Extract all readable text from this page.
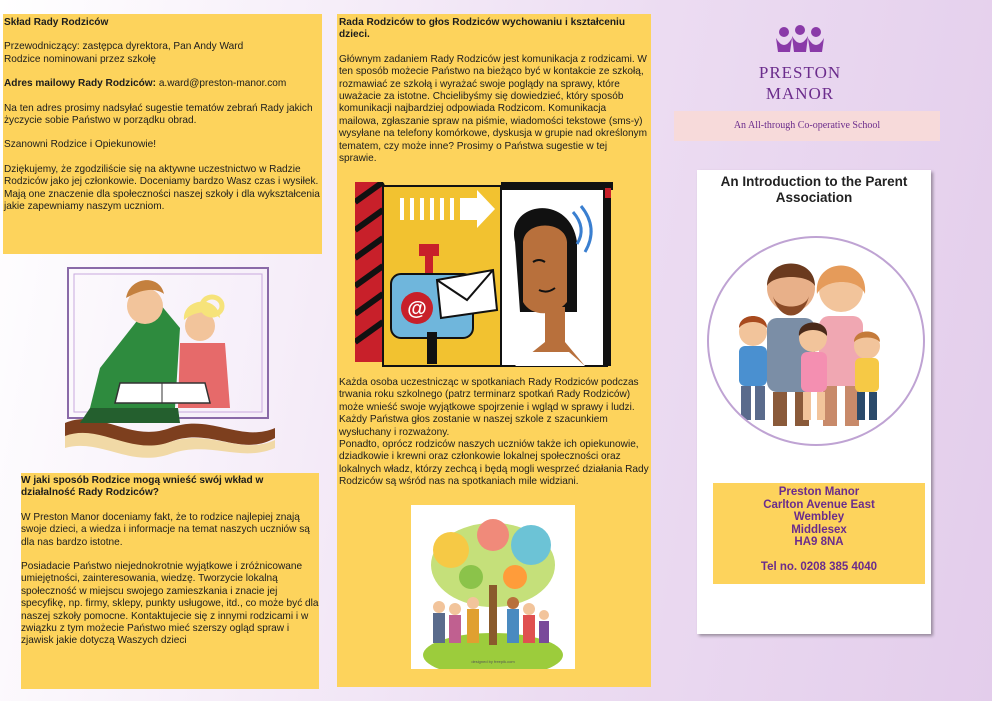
Skład Rady Rodziców

Przewodniczący: zastępca dyrektora, Pan Andy Ward

Rodzice nominowani przez szkołę

Adres mailowy Rady Rodziców: a.ward@preston-manor.com

Na ten adres prosimy nadsyłać sugestie tematów zebrań Rady jakich życzycie sobie Państwo w porządku obrad.

Szanowni Rodzice i Opiekunowie!

Dziękujemy, że zgodziliście się na aktywne uczestnictwo w Radzie Rodziców jako jej członkowie. Doceniamy bardzo Wasz czas i wysiłek. Mają one znaczenie dla społeczności naszej szkoły i dla wykształcenia jakie zapewniamy naszym uczniom.

W jaki sposób Rodzice mogą wnieść swój wkład w działalność Rady Rodziców?

W Preston Manor doceniamy fakt, że to rodzice najlepiej znają swoje dzieci, a wiedza i informacje na temat naszych uczniów są dla nas bardzo istotne.

Posiadacie Państwo niejednokrotnie wyjątkowe i zróżnicowane umiejętności, zainteresowania, wiedzę. Tworzycie lokalną społeczność w miejscu swojego zamieszkania i znacie jej specyfikę, np. firmy, sklepy, punkty usługowe, itd., co może być dla naszej szkoły pomocne. Kontaktujecie się z innymi rodzicami i w związku z tym możecie Państwo mieć szerszy ogląd spraw i zjawisk jakie dotyczą Waszych dzieci

Rada Rodziców to głos Rodziców wychowaniu i kształceniu dzieci.

Głównym zadaniem Rady Rodziców jest komunikacja z rodzicami. W ten sposób możecie Państwo na bieżąco być w kontakcie ze szkołą, rozmawiać ze szkołą i wyrażać swoje poglądy na sprawy, które uważacie za istotne. Chcielibyśmy się dowiedzieć, który sposób komunikacji najbardziej odpowiada Rodzicom. Komunikacja mailowa, zgłaszanie spraw na piśmie, wiadomości tekstowe (sms-y) wysyłane na telefony komórkowe, dyskusja w grupie nad określonym tematem, czy może inne? Prosimy o Państwa sugestie w tej sprawie.

@

Każda osoba uczestnicząc w spotkaniach Rady Rodziców podczas trwania roku szkolnego (patrz terminarz spotkań Rady Rodziców) może wnieść swoje wyjątkowe spojrzenie i wgląd w sprawy i ludzi. Każdy Państwa głos zostanie w naszej szkole z szacunkiem wysłuchany i rozważony.

Ponadto, oprócz rodziców naszych uczniów także ich opiekunowie, dziadkowie i krewni oraz członkowie lokalnej społeczności oraz lokalnych władz, którzy zechcą i będą mogli wesprzeć działania Rady Rodziców są wśród nas na spotkaniach mile widziani.

designed by freepik.com
PRESTON
MANOR
An All-through Co-operative School
An Introduction to the Parent Association
Preston Manor
Carlton Avenue East
Wembley
Middlesex
HA9 8NA
Tel no. 0208 385 4040
